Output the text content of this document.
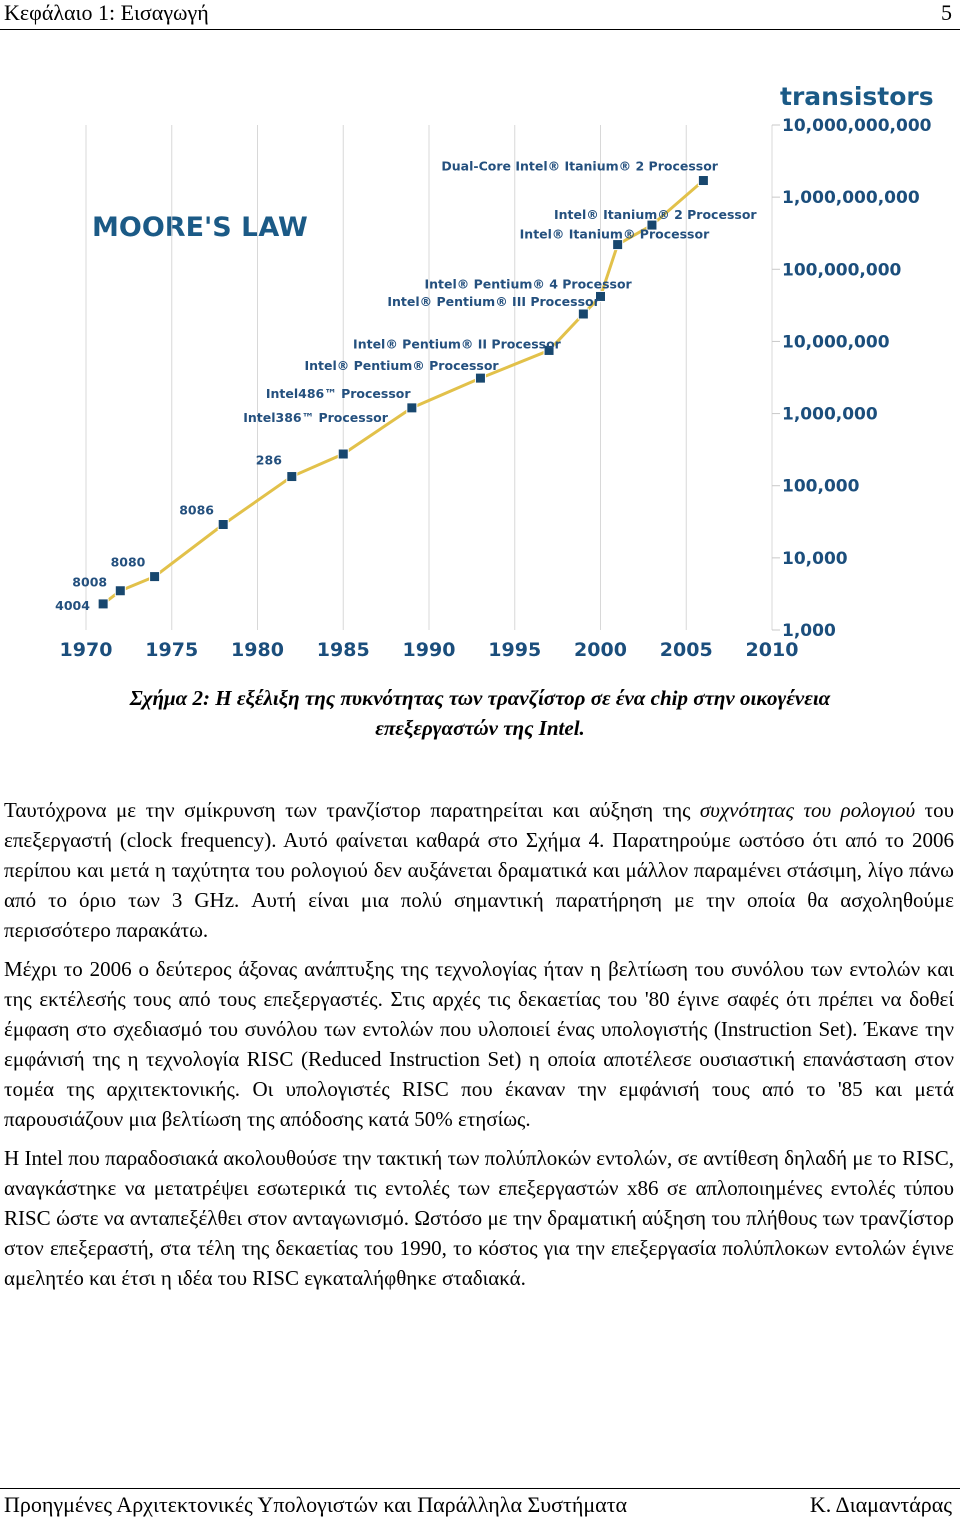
Κεφάλαιο 1: Εισαγωγή	5
MOORE'S LAW
transistors
4004
8008
8080
8086
286
Intel386™ Processor
Intel486™ Processor
Intel® Pentium® Processor
Intel® Pentium® II Processor
Intel® Pentium® III Processor
Intel® Pentium® 4 Processor
Intel® Itanium® Processor
Intel® Itanium® 2 Processor
Dual-Core Intel® Itanium® 2 Processor
10,000,000,000
1,000,000,000
100,000,000
10,000,000
1,000,000
100,000
10,000
1,000
1970 1975 1980 1985 1990 1995 2000 2005 2010
Σχήμα 2: Η εξέλιξη της πυκνότητας των τρανζίστορ σε ένα chip στην οικογένεια
επεξεργαστών της Intel.

Ταυτόχρονα με την σμίκρυνση των τρανζίστορ παρατηρείται και αύξηση της συχνότητας του ρολογιού του επεξεργαστή (clock frequency). Αυτό φαίνεται καθαρά στο Σχήμα 4. Παρατηρούμε ωστόσο ότι από το 2006 περίπου και μετά η ταχύτητα του ρολογιού δεν αυξάνεται δραματικά και μάλλον παραμένει στάσιμη, λίγο πάνω από το όριο των 3 GHz. Αυτή είναι μια πολύ σημαντική παρατήρηση με την οποία θα ασχοληθούμε περισσότερο παρακάτω.

Μέχρι το 2006 ο δεύτερος άξονας ανάπτυξης της τεχνολογίας ήταν η βελτίωση του συνόλου των εντολών και της εκτέλεσής τους από τους επεξεργαστές. Στις αρχές τις δεκαετίας του '80 έγινε σαφές ότι πρέπει να δοθεί έμφαση στο σχεδιασμό του συνόλου των εντολών που υλοποιεί ένας υπολογιστής (Instruction Set). Έκανε την εμφάνισή της η τεχνολογία RISC (Reduced Instruction Set) η οποία αποτέλεσε ουσιαστική επανάσταση στον τομέα της αρχιτεκτονικής. Οι υπολογιστές RISC που έκαναν την εμφάνισή τους από το '85 και μετά παρουσιάζουν μια βελτίωση της απόδοσης κατά 50% ετησίως.

Η Intel που παραδοσιακά ακολουθούσε την τακτική των πολύπλοκών εντολών, σε αντίθεση δηλαδή με το RISC, αναγκάστηκε να μετατρέψει εσωτερικά τις εντολές των επεξεργαστών x86 σε απλοποιημένες εντολές τύπου RISC ώστε να ανταπεξέλθει στον ανταγωνισμό. Ωστόσο με την δραματική αύξηση του πλήθους των τρανζίστορ στον επεξεραστή, στα τέλη της δεκαετίας του 1990, το κόστος για την επεξεργασία πολύπλοκων εντολών έγινε αμελητέο και έτσι η ιδέα του RISC εγκαταλήφθηκε σταδιακά.

Προηγμένες Αρχιτεκτονικές Υπολογιστών και Παράλληλα Συστήματα	Κ. Διαμαντάρας
